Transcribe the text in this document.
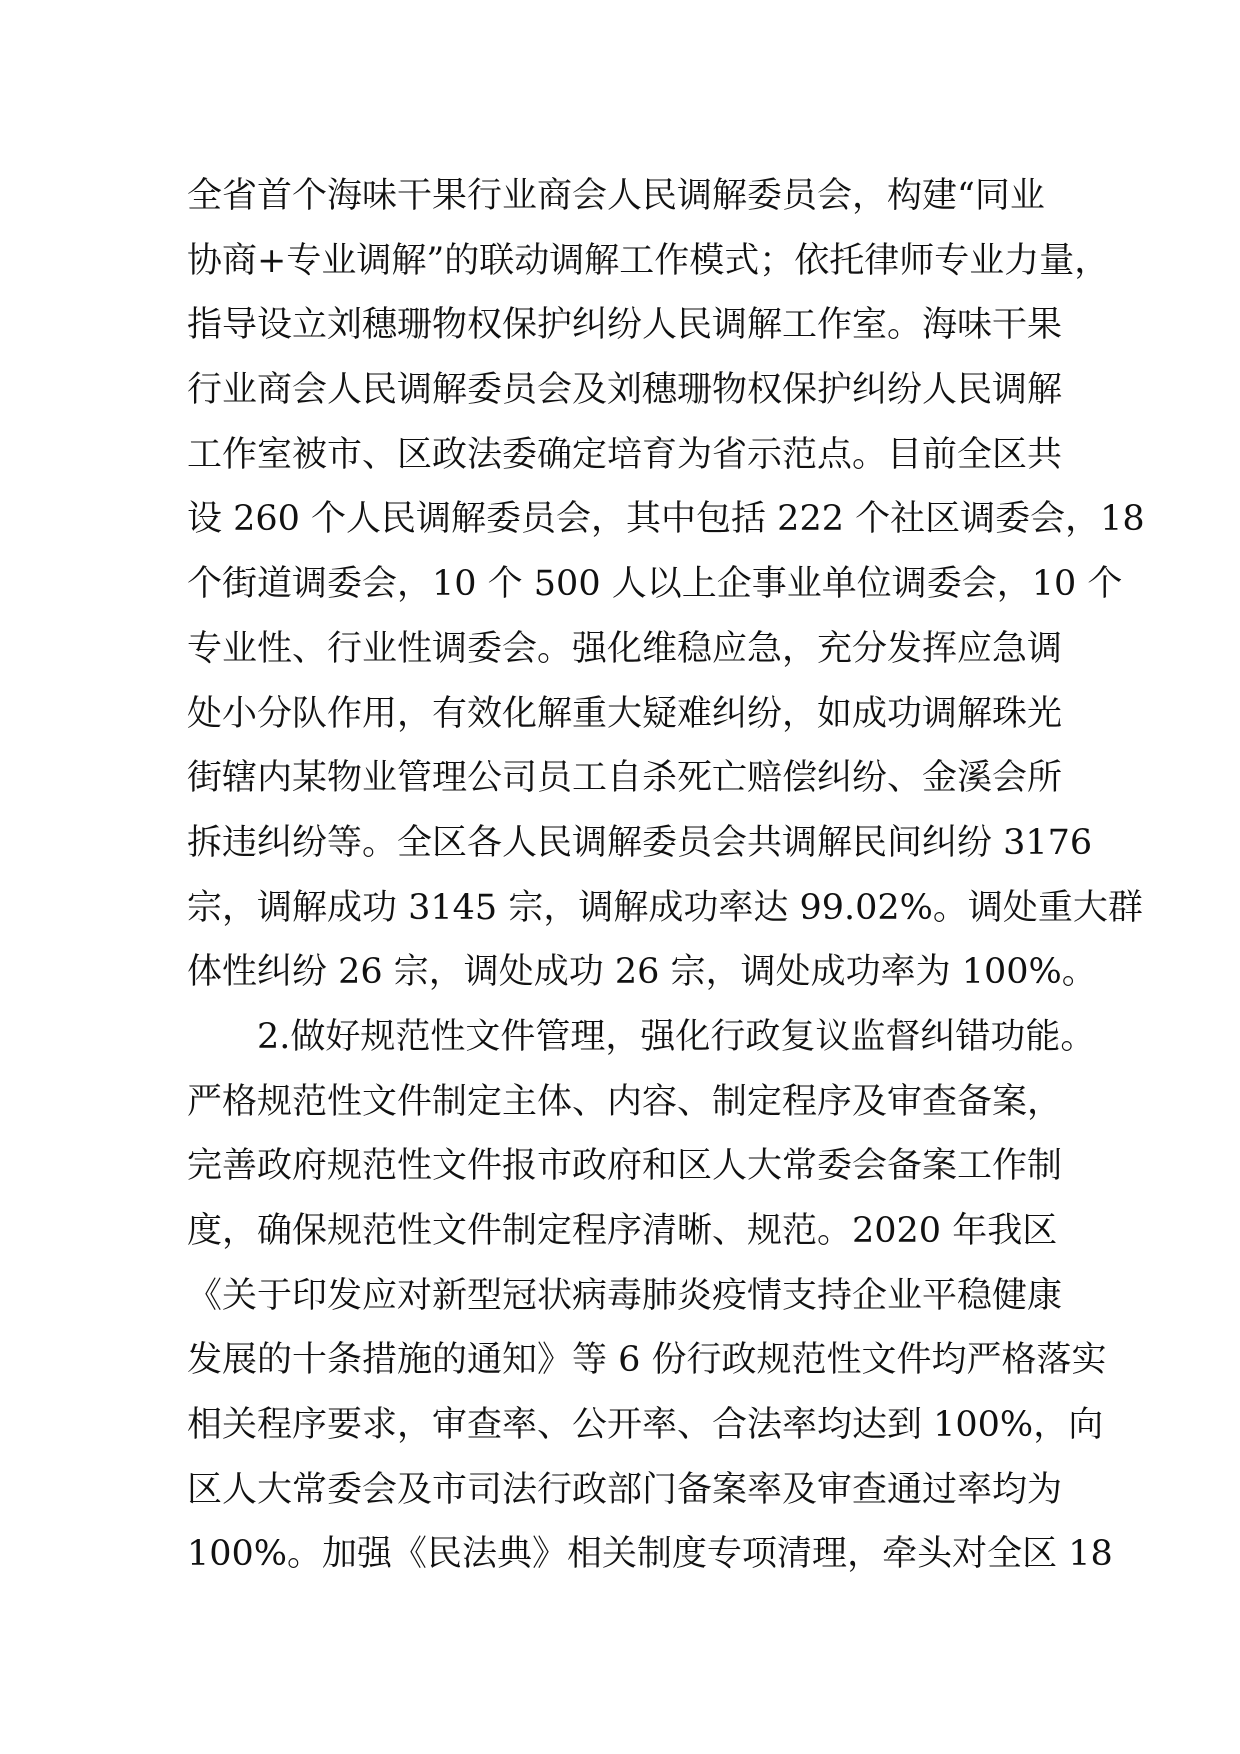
全省首个海味干果行业商会人民调解委员会，构建“同业
协商+专业调解”的联动调解工作模式；依托律师专业力量，
指导设立刘穗珊物权保护纠纷人民调解工作室。海味干果
行业商会人民调解委员会及刘穗珊物权保护纠纷人民调解
工作室被市、区政法委确定培育为省示范点。目前全区共
设 260 个人民调解委员会，其中包括 222 个社区调委会，18
个街道调委会，10 个 500 人以上企事业单位调委会，10 个
专业性、行业性调委会。强化维稳应急，充分发挥应急调
处小分队作用，有效化解重大疑难纠纷，如成功调解珠光
街辖内某物业管理公司员工自杀死亡赔偿纠纷、金溪会所
拆违纠纷等。全区各人民调解委员会共调解民间纠纷 3176
宗，调解成功 3145 宗，调解成功率达 99.02%。调处重大群
体性纠纷 26 宗，调处成功 26 宗，调处成功率为 100%。
2.做好规范性文件管理，强化行政复议监督纠错功能。
严格规范性文件制定主体、内容、制定程序及审查备案，
完善政府规范性文件报市政府和区人大常委会备案工作制
度，确保规范性文件制定程序清晰、规范。2020 年我区
《关于印发应对新型冠状病毒肺炎疫情支持企业平稳健康
发展的十条措施的通知》等 6 份行政规范性文件均严格落实
相关程序要求，审查率、公开率、合法率均达到 100%，向
区人大常委会及市司法行政部门备案率及审查通过率均为
100%。加强《民法典》相关制度专项清理，牵头对全区 18
